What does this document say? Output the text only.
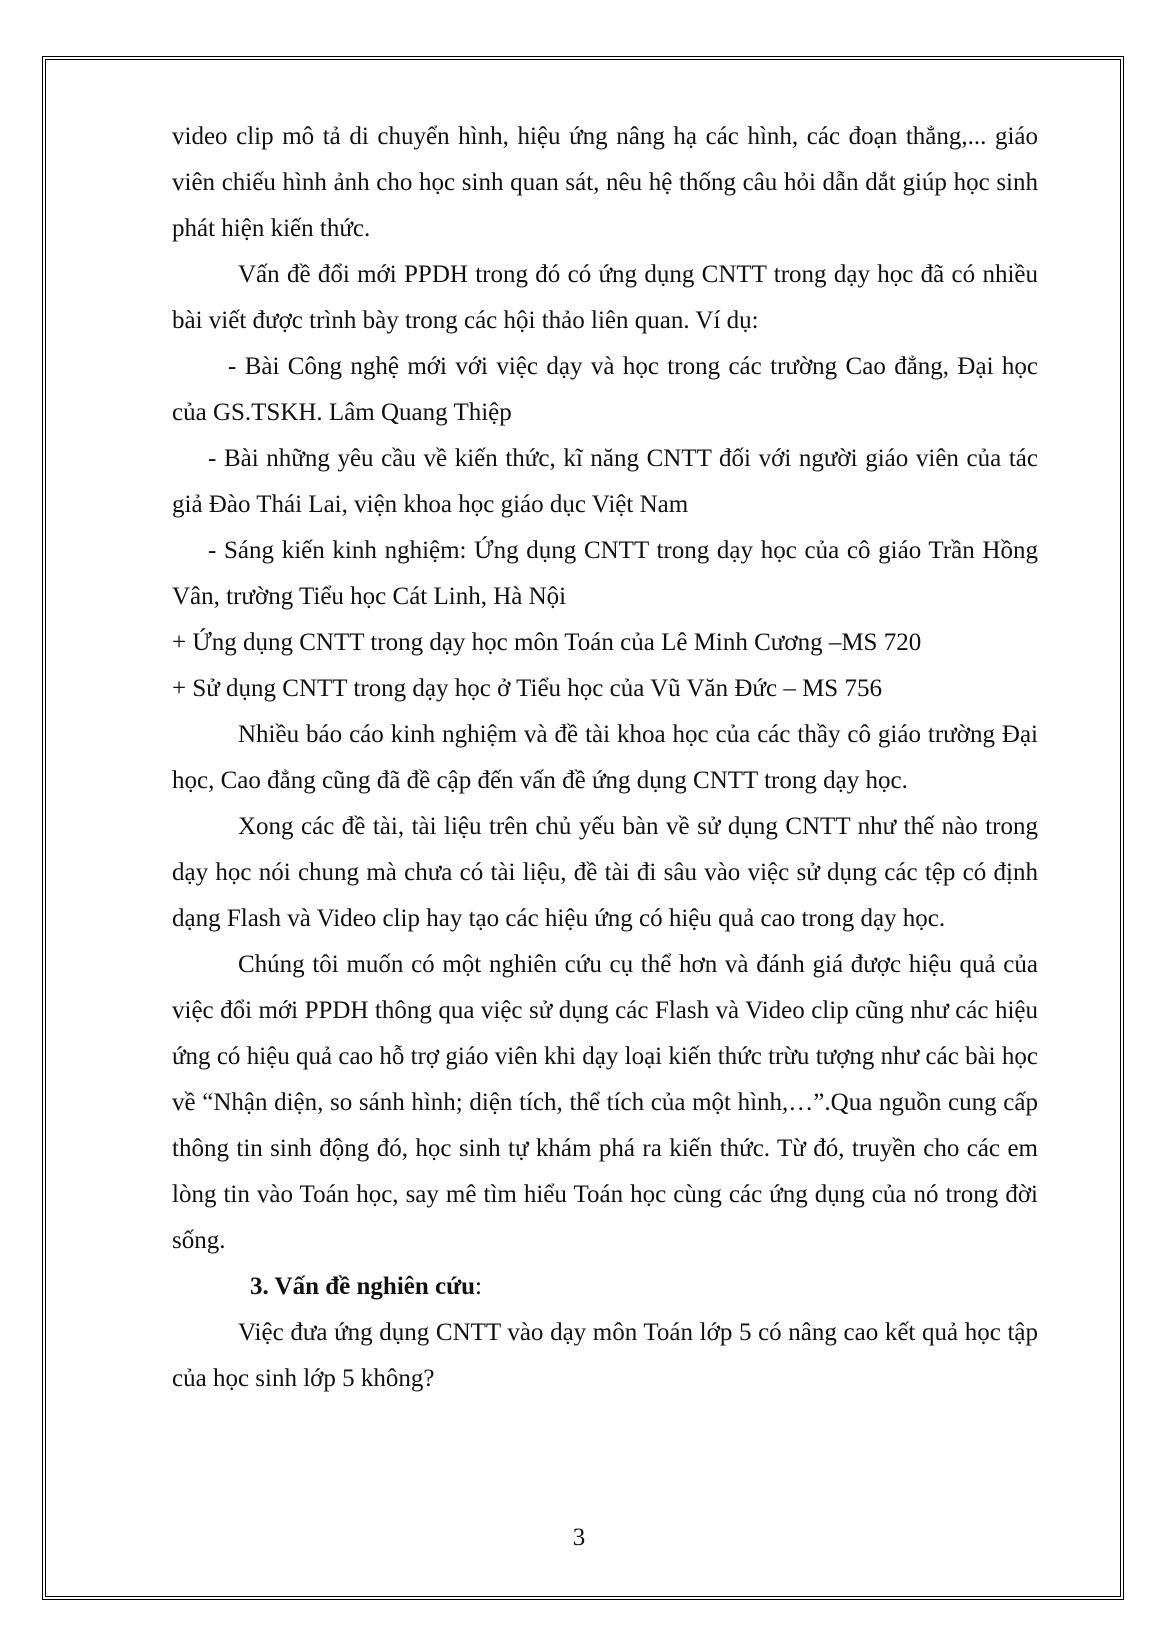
video clip mô tả di chuyển hình, hiệu ứng nâng hạ các hình, các đoạn thẳng,... giáo viên chiếu hình ảnh cho học sinh quan sát, nêu hệ thống câu hỏi dẫn dắt giúp học sinh phát hiện kiến thức.

Vấn đề đổi mới PPDH trong đó có ứng dụng CNTT trong dạy học đã có nhiều bài viết được trình bày trong các hội thảo liên quan. Ví dụ:

- Bài Công nghệ mới với việc dạy và học trong các trường Cao đẳng, Đại học của GS.TSKH. Lâm Quang Thiệp

- Bài những yêu cầu về kiến thức, kĩ năng CNTT đối với người giáo viên của tác giả Đào Thái Lai, viện khoa học giáo dục Việt Nam

- Sáng kiến kinh nghiệm: Ứng dụng CNTT trong dạy học của cô giáo Trần Hồng Vân, trường Tiểu học Cát Linh, Hà Nội

+ Ứng dụng CNTT trong dạy học môn Toán của Lê Minh Cương –MS 720

+ Sử dụng CNTT trong dạy học ở Tiểu học của Vũ Văn Đức – MS 756

Nhiều báo cáo kinh nghiệm và đề tài khoa học của các thầy cô giáo trường Đại học, Cao đẳng cũng đã đề cập đến vấn đề ứng dụng CNTT trong dạy học.

Xong các đề tài, tài liệu trên chủ yếu bàn về sử dụng CNTT như thế nào trong dạy học nói chung mà chưa có tài liệu, đề tài đi sâu vào việc sử dụng các tệp có định dạng Flash và Video clip hay tạo các hiệu ứng có hiệu quả cao trong dạy học.

Chúng tôi muốn có một nghiên cứu cụ thể hơn và đánh giá được hiệu quả của việc đổi mới PPDH thông qua việc sử dụng các Flash và Video clip cũng như các hiệu ứng có hiệu quả cao hỗ trợ giáo viên khi dạy loại kiến thức trừu tượng như các bài học về “Nhận diện, so sánh hình; diện tích, thể tích của một hình,…”.Qua nguồn cung cấp thông tin sinh động đó, học sinh tự khám phá ra kiến thức. Từ đó, truyền cho các em lòng tin vào Toán học, say mê tìm hiểu Toán học cùng các ứng dụng của nó trong đời sống.

3. Vấn đề nghiên cứu:

Việc đưa ứng dụng CNTT vào dạy môn Toán lớp 5 có nâng cao kết quả học tập của học sinh lớp 5 không?

3
